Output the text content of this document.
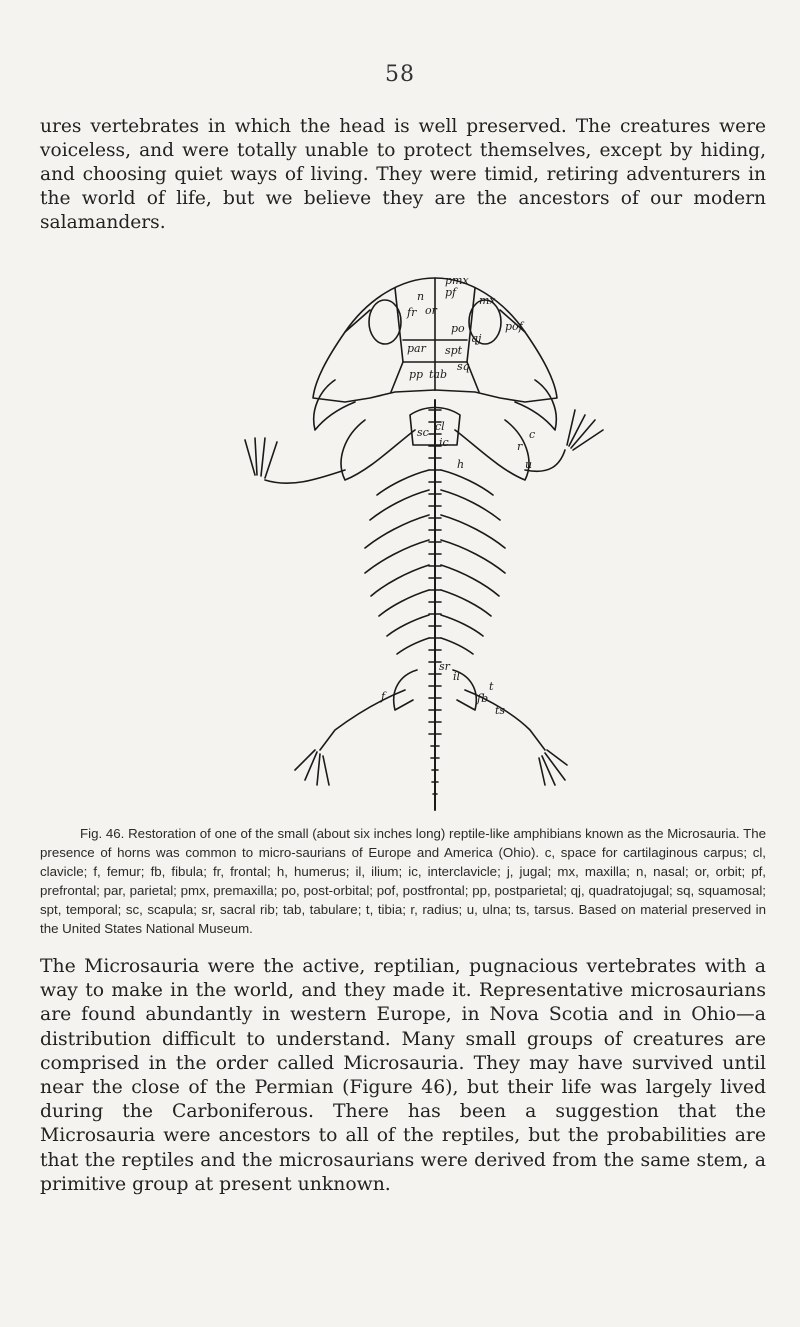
58

ures vertebrates in which the head is well preserved. The creatures were voiceless, and were totally unable to protect themselves, except by hiding, and choosing quiet ways of living. They were timid, retiring adventurers in the world of life, but we believe they are the ancestors of our modern salamanders.

pmx
pf
n	mx
fr or
pof
po
qj
par spt
pp tab
sq
sc cl
ic
h
r
u
c
t
fb
f
ts
sr
il

Fig. 46. Restoration of one of the small (about six inches long) reptile-like amphibians known as the Microsauria. The presence of horns was common to micro-saurians of Europe and America (Ohio). c, space for cartilaginous carpus; cl, clavicle; f, femur; fb, fibula; fr, frontal; h, humerus; il, ilium; ic, interclavicle; j, jugal; mx, maxilla; n, nasal; or, orbit; pf, prefrontal; par, parietal; pmx, premaxilla; po, post-orbital; pof, postfrontal; pp, postparietal; qj, quadratojugal; sq, squamosal; spt, temporal; sc, scapula; sr, sacral rib; tab, tabulare; t, tibia; r, radius; u, ulna; ts, tarsus. Based on material preserved in the United States National Museum.

The Microsauria were the active, reptilian, pugnacious vertebrates with a way to make in the world, and they made it. Representative microsaurians are found abundantly in western Europe, in Nova Scotia and in Ohio—a distribution difficult to understand. Many small groups of creatures are comprised in the order called Microsauria. They may have survived until near the close of the Permian (Figure 46), but their life was largely lived during the Carboniferous. There has been a suggestion that the Microsauria were ancestors to all of the reptiles, but the probabilities are that the reptiles and the microsaurians were derived from the same stem, a primitive group at present unknown.
